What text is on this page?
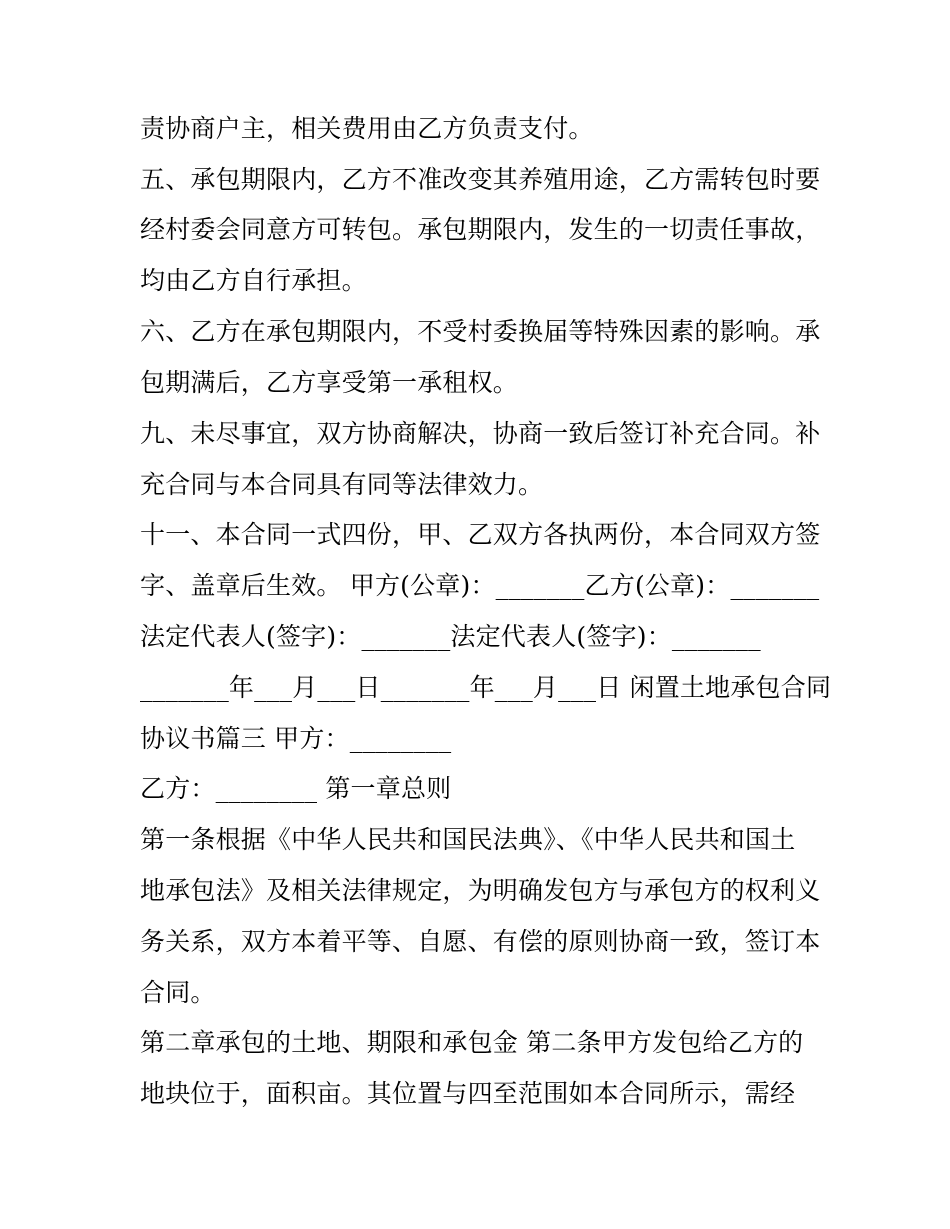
责协商户主，相关费用由乙方负责支付。
五、承包期限内，乙方不准改变其养殖用途，乙方需转包时要
经村委会同意方可转包。承包期限内，发生的一切责任事故，
均由乙方自行承担。
六、乙方在承包期限内，不受村委换届等特殊因素的影响。承
包期满后，乙方享受第一承租权。
九、未尽事宜，双方协商解决，协商一致后签订补充合同。补
充合同与本合同具有同等法律效力。
十一、本合同一式四份，甲、乙双方各执两份，本合同双方签
字、盖章后生效。 甲方(公章)：_______乙方(公章)：_______
法定代表人(签字)：_______法定代表人(签字)：_______
_______年___月___日_______年___月___日 闲置土地承包合同
协议书篇三 甲方：________
乙方：________ 第一章总则
第一条根据《中华人民共和国民法典》、《中华人民共和国土
地承包法》及相关法律规定，为明确发包方与承包方的权利义
务关系，双方本着平等、自愿、有偿的原则协商一致，签订本
合同。
第二章承包的土地、期限和承包金 第二条甲方发包给乙方的
地块位于，面积亩。其位置与四至范围如本合同所示，需经
